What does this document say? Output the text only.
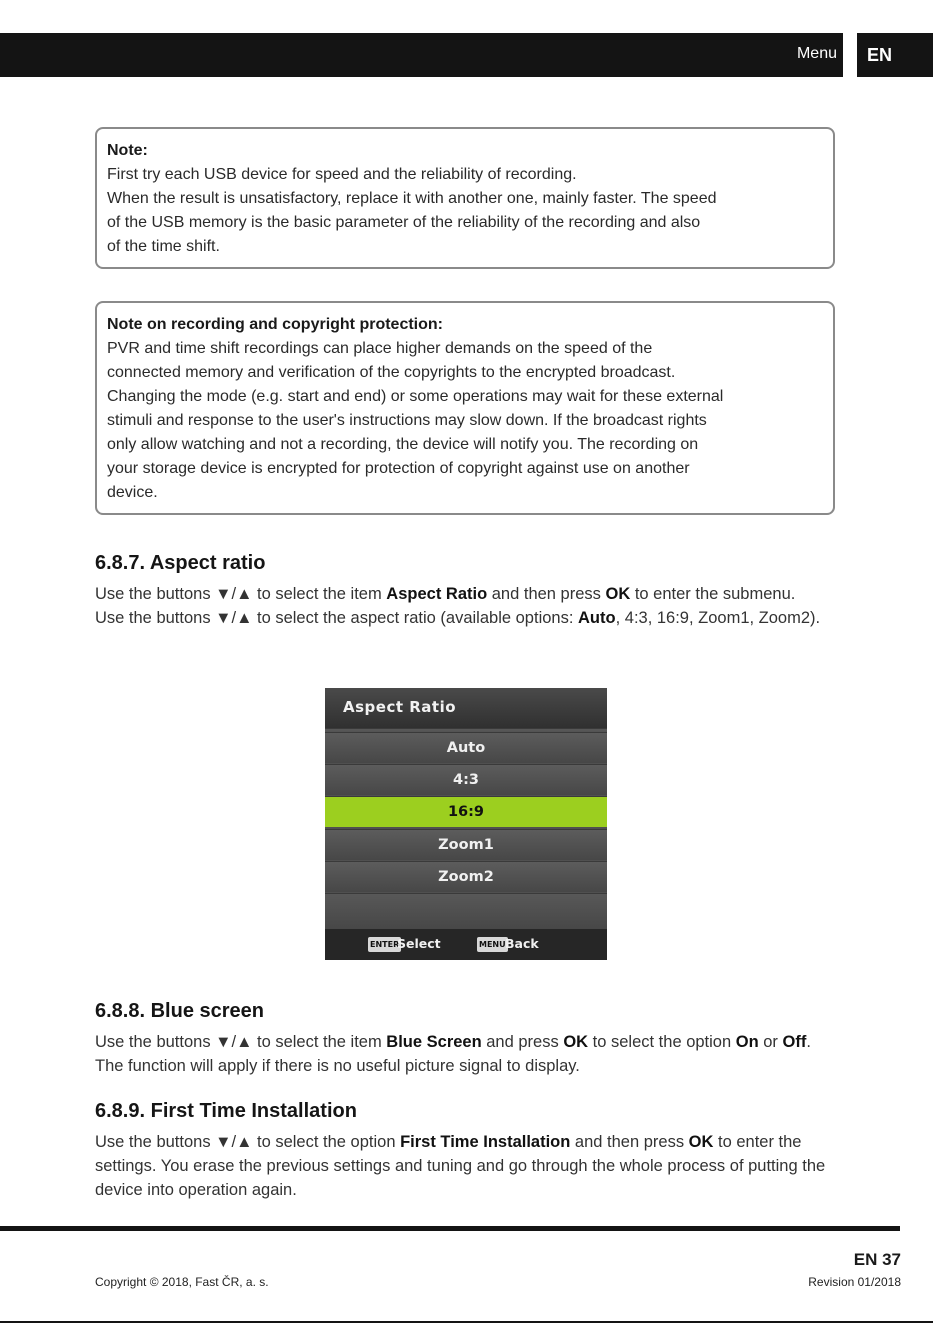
Menu EN
Note:

First try each USB device for speed and the reliability of recording.

When the result is unsatisfactory, replace it with another one, mainly faster. The speed

of the USB memory is the basic parameter of the reliability of the recording and also

of the time shift.

Note on recording and copyright protection:

PVR and time shift recordings can place higher demands on the speed of the

connected memory and verification of the copyrights to the encrypted broadcast.

Changing the mode (e.g. start and end) or some operations may wait for these external

stimuli and response to the user's instructions may slow down. If the broadcast rights

only allow watching and not a recording, the device will notify you. The recording on

your storage device is encrypted for protection of copyright against use on another

device.

6.8.7. Aspect ratio

Use the buttons ▼/▲ to select the item Aspect Ratio and then press OK to enter the submenu.

Use the buttons ▼/▲ to select the aspect ratio (available options: Auto, 4:3, 16:9, Zoom1, Zoom2).

Aspect Ratio
Auto
4:3
16:9
Zoom1
Zoom2
ENTER
Select	MENU Back
6.8.8. Blue screen

Use the buttons ▼/▲ to select the item Blue Screen and press OK to select the option On or Off. The function will apply if there is no useful picture signal to display.

6.8.9. First Time Installation

Use the buttons ▼/▲ to select the option First Time Installation and then press OK to enter the settings. You erase the previous settings and tuning and go through the whole process of putting the device into operation again.

EN 37
Copyright © 2018, Fast ČR, a. s.	Revision 01/2018
